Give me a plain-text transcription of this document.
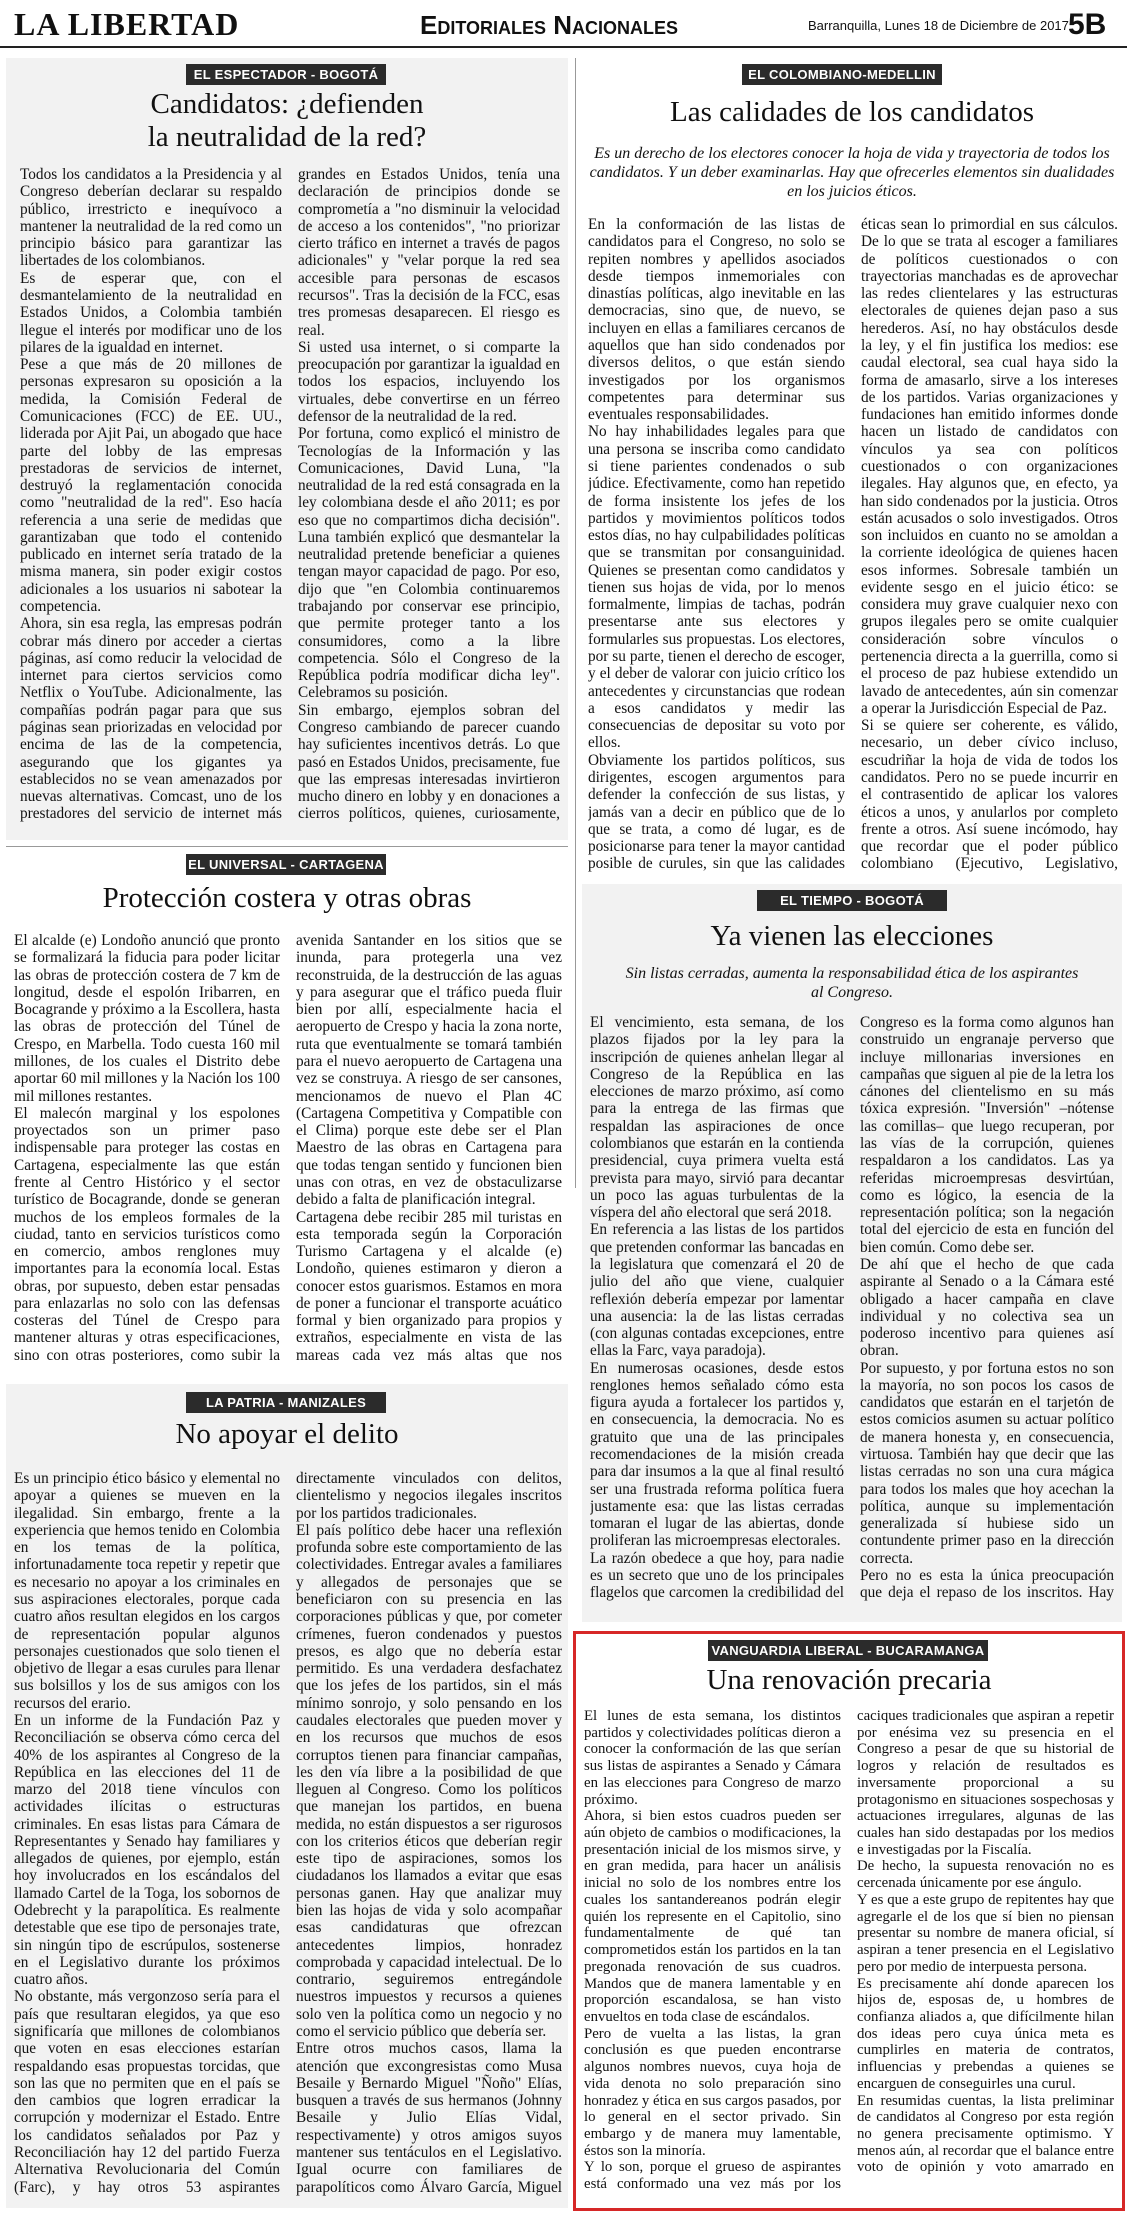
LA LIBERTAD	Editoriales Nacionales	Barranquilla, Lunes 18 de Diciembre de 2017 5B
EL ESPECTADOR - BOGOTÁ
Candidatos: ¿defienden
la neutralidad de la red?

Todos los candidatos a la Presidencia y al Congreso deberían declarar su respaldo público, irrestricto e inequívoco a mantener la neutralidad de la red como un principio básico para garantizar las libertades de los colombianos.

Es de esperar que, con el desmantelamiento de la neutralidad en Estados Unidos, a Colombia también llegue el interés por modificar uno de los pilares de la igualdad en internet.

Pese a que más de 20 millones de personas expresaron su oposición a la medida, la Comisión Federal de Comunicaciones (FCC) de EE. UU., liderada por Ajit Pai, un abogado que hace parte del lobby de las empresas prestadoras de servicios de internet, destruyó la reglamentación conocida como "neutralidad de la red". Eso hacía referencia a una serie de medidas que garantizaban que todo el contenido publicado en internet sería tratado de la misma manera, sin poder exigir costos adicionales a los usuarios ni sabotear la competencia.

Ahora, sin esa regla, las empresas podrán cobrar más dinero por acceder a ciertas páginas, así como reducir la velocidad de internet para ciertos servicios como Netflix o YouTube. Adicionalmente, las compañías podrán pagar para que sus páginas sean priorizadas en velocidad por encima de las de la competencia, asegurando que los gigantes ya establecidos no se vean amenazados por nuevas alternativas. Comcast, uno de los prestadores del servicio de internet más grandes en Estados Unidos, tenía una declaración de principios donde se comprometía a "no disminuir la velocidad de acceso a los contenidos", "no priorizar cierto tráfico en internet a través de pagos adicionales" y "velar porque la red sea accesible para personas de escasos recursos". Tras la decisión de la FCC, esas tres promesas desaparecen. El riesgo es real.

Si usted usa internet, o si comparte la preocupación por garantizar la igualdad en todos los espacios, incluyendo los virtuales, debe convertirse en un férreo defensor de la neutralidad de la red.

Por fortuna, como explicó el ministro de Tecnologías de la Información y las Comunicaciones, David Luna, "la neutralidad de la red está consagrada en la ley colombiana desde el año 2011; es por eso que no compartimos dicha decisión". Luna también explicó que desmantelar la neutralidad pretende beneficiar a quienes tengan mayor capacidad de pago. Por eso, dijo que "en Colombia continuaremos trabajando por conservar ese principio, que permite proteger tanto a los consumidores, como a la libre competencia. Sólo el Congreso de la República podría modificar dicha ley". Celebramos su posición.

Sin embargo, ejemplos sobran del Congreso cambiando de parecer cuando hay suficientes incentivos detrás. Lo que pasó en Estados Unidos, precisamente, fue que las empresas interesadas invirtieron mucho dinero en lobby y en donaciones a cierros políticos, quienes, curiosamente,

EL COLOMBIANO-MEDELLIN
Las calidades de los candidatos
Es un derecho de los electores conocer la hoja de vida y trayectoria de todos los candidatos. Y un deber examinarlas. Hay que ofrecerles elementos sin dualidades en los juicios éticos.

En la conformación de las listas de candidatos para el Congreso, no solo se repiten nombres y apellidos asociados desde tiempos inmemoriales con dinastías políticas, algo inevitable en las democracias, sino que, de nuevo, se incluyen en ellas a familiares cercanos de aquellos que han sido condenados por diversos delitos, o que están siendo investigados por los organismos competentes para determinar sus eventuales responsabilidades.

No hay inhabilidades legales para que una persona se inscriba como candidato si tiene parientes condenados o sub júdice. Efectivamente, como han repetido de forma insistente los jefes de los partidos y movimientos políticos todos estos días, no hay culpabilidades políticas que se transmitan por consanguinidad. Quienes se presentan como candidatos y tienen sus hojas de vida, por lo menos formalmente, limpias de tachas, podrán presentarse ante sus electores y formularles sus propuestas. Los electores, por su parte, tienen el derecho de escoger, y el deber de valorar con juicio crítico los antecedentes y circunstancias que rodean a esos candidatos y medir las consecuencias de depositar su voto por ellos.

Obviamente los partidos políticos, sus dirigentes, escogen argumentos para defender la confección de sus listas, y jamás van a decir en público que de lo que se trata, a como dé lugar, es de posicionarse para tener la mayor cantidad posible de curules, sin que las calidades éticas sean lo primordial en sus cálculos. De lo que se trata al escoger a familiares de políticos cuestionados o con trayectorias manchadas es de aprovechar las redes clientelares y las estructuras electorales de quienes dejan paso a sus herederos. Así, no hay obstáculos desde la ley, y el fin justifica los medios: ese caudal electoral, sea cual haya sido la forma de amasarlo, sirve a los intereses de los partidos. Varias organizaciones y fundaciones han emitido informes donde hacen un listado de candidatos con vínculos ya sea con políticos cuestionados o con organizaciones ilegales. Hay algunos que, en efecto, ya han sido condenados por la justicia. Otros están acusados o solo investigados. Otros son incluidos en cuanto no se amoldan a la corriente ideológica de quienes hacen esos informes. Sobresale también un evidente sesgo en el juicio ético: se considera muy grave cualquier nexo con grupos ilegales pero se omite cualquier consideración sobre vínculos o pertenencia directa a la guerrilla, como si el proceso de paz hubiese extendido un lavado de antecedentes, aún sin comenzar a operar la Jurisdicción Especial de Paz.

Si se quiere ser coherente, es válido, necesario, un deber cívico incluso, escudriñar la hoja de vida de todos los candidatos. Pero no se puede incurrir en el contrasentido de aplicar los valores éticos a unos, y anularlos por completo frente a otros. Así suene incómodo, hay que recordar que el poder público colombiano (Ejecutivo, Legislativo,

EL UNIVERSAL - CARTAGENA
Protección costera y otras obras

El alcalde (e) Londoño anunció que pronto se formalizará la fiducia para poder licitar las obras de protección costera de 7 km de longitud, desde el espolón Iribarren, en Bocagrande y próximo a la Escollera, hasta las obras de protección del Túnel de Crespo, en Marbella. Todo cuesta 160 mil millones, de los cuales el Distrito debe aportar 60 mil millones y la Nación los 100 mil millones restantes.

El malecón marginal y los espolones proyectados son un primer paso indispensable para proteger las costas en Cartagena, especialmente las que están frente al Centro Histórico y el sector turístico de Bocagrande, donde se generan muchos de los empleos formales de la ciudad, tanto en servicios turísticos como en comercio, ambos renglones muy importantes para la economía local. Estas obras, por supuesto, deben estar pensadas para enlazarlas no solo con las defensas costeras del Túnel de Crespo para mantener alturas y otras especificaciones, sino con otras posteriores, como subir la avenida Santander en los sitios que se inunda, para protegerla una vez reconstruida, de la destrucción de las aguas y para asegurar que el tráfico pueda fluir bien por allí, especialmente hacia el aeropuerto de Crespo y hacia la zona norte, ruta que eventualmente se tomará también para el nuevo aeropuerto de Cartagena una vez se construya. A riesgo de ser cansones, mencionamos de nuevo el Plan 4C (Cartagena Competitiva y Compatible con el Clima) porque este debe ser el Plan Maestro de las obras en Cartagena para que todas tengan sentido y funcionen bien unas con otras, en vez de obstaculizarse debido a falta de planificación integral.

Cartagena debe recibir 285 mil turistas en esta temporada según la Corporación Turismo Cartagena y el alcalde (e) Londoño, quienes estimaron y dieron a conocer estos guarismos. Estamos en mora de poner a funcionar el transporte acuático formal y bien organizado para propios y extraños, especialmente en vista de las mareas cada vez más altas que nos

EL TIEMPO - BOGOTÁ
Ya vienen las elecciones
Sin listas cerradas, aumenta la responsabilidad ética de los aspirantes al Congreso.

El vencimiento, esta semana, de los plazos fijados por la ley para la inscripción de quienes anhelan llegar al Congreso de la República en las elecciones de marzo próximo, así como para la entrega de las firmas que respaldan las aspiraciones de once colombianos que estarán en la contienda presidencial, cuya primera vuelta está prevista para mayo, sirvió para decantar un poco las aguas turbulentas de la víspera del año electoral que será 2018.

En referencia a las listas de los partidos que pretenden conformar las bancadas en la legislatura que comenzará el 20 de julio del año que viene, cualquier reflexión debería empezar por lamentar una ausencia: la de las listas cerradas (con algunas contadas excepciones, entre ellas la Farc, vaya paradoja).

En numerosas ocasiones, desde estos renglones hemos señalado cómo esta figura ayuda a fortalecer los partidos y, en consecuencia, la democracia. No es gratuito que una de las principales recomendaciones de la misión creada para dar insumos a la que al final resultó ser una frustrada reforma política fuera justamente esa: que las listas cerradas tomaran el lugar de las abiertas, donde proliferan las microempresas electorales.

La razón obedece a que hoy, para nadie es un secreto que uno de los principales flagelos que carcomen la credibilidad del Congreso es la forma como algunos han construido un engranaje perverso que incluye millonarias inversiones en campañas que siguen al pie de la letra los cánones del clientelismo en su más tóxica expresión. "Inversión" –nótense las comillas– que luego recuperan, por las vías de la corrupción, quienes respaldaron a los candidatos. Las ya referidas microempresas desvirtúan, como es lógico, la esencia de la representación política; son la negación total del ejercicio de esta en función del bien común. Como debe ser.

De ahí que el hecho de que cada aspirante al Senado o a la Cámara esté obligado a hacer campaña en clave individual y no colectiva sea un poderoso incentivo para quienes así obran.

Por supuesto, y por fortuna estos no son la mayoría, no son pocos los casos de candidatos que estarán en el tarjetón de estos comicios asumen su actuar político de manera honesta y, en consecuencia, virtuosa. También hay que decir que las listas cerradas no son una cura mágica para todos los males que hoy acechan la política, aunque su implementación generalizada sí hubiese sido un contundente primer paso en la dirección correcta.

Pero no es esta la única preocupación que deja el repaso de los inscritos. Hay

LA PATRIA - MANIZALES
No apoyar el delito

Es un principio ético básico y elemental no apoyar a quienes se mueven en la ilegalidad. Sin embargo, frente a la experiencia que hemos tenido en Colombia en los temas de la política, infortunadamente toca repetir y repetir que es necesario no apoyar a los criminales en sus aspiraciones electorales, porque cada cuatro años resultan elegidos en los cargos de representación popular algunos personajes cuestionados que solo tienen el objetivo de llegar a esas curules para llenar sus bolsillos y los de sus amigos con los recursos del erario.

En un informe de la Fundación Paz y Reconciliación se observa cómo cerca del 40% de los aspirantes al Congreso de la República en las elecciones del 11 de marzo del 2018 tiene vínculos con actividades ilícitas o estructuras criminales. En esas listas para Cámara de Representantes y Senado hay familiares y allegados de quienes, por ejemplo, están hoy involucrados en los escándalos del llamado Cartel de la Toga, los sobornos de Odebrecht y la parapolítica. Es realmente detestable que ese tipo de personajes trate, sin ningún tipo de escrúpulos, sostenerse en el Legislativo durante los próximos cuatro años.

No obstante, más vergonzoso sería para el país que resultaran elegidos, ya que eso significaría que millones de colombianos que voten en esas elecciones estarían respaldando esas propuestas torcidas, que son las que no permiten que en el país se den cambios que logren erradicar la corrupción y modernizar el Estado. Entre los candidatos señalados por Paz y Reconciliación hay 12 del partido Fuerza Alternativa Revolucionaria del Común (Farc), y hay otros 53 aspirantes directamente vinculados con delitos, clientelismo y negocios ilegales inscritos por los partidos tradicionales.

El país político debe hacer una reflexión profunda sobre este comportamiento de las colectividades. Entregar avales a familiares y allegados de personajes que se beneficiaron con su presencia en las corporaciones públicas y que, por cometer crímenes, fueron condenados y puestos presos, es algo que no debería estar permitido. Es una verdadera desfachatez que los jefes de los partidos, sin el más mínimo sonrojo, y solo pensando en los caudales electorales que pueden mover y en los recursos que muchos de esos corruptos tienen para financiar campañas, les den vía libre a la posibilidad de que lleguen al Congreso. Como los políticos que manejan los partidos, en buena medida, no están dispuestos a ser rigurosos con los criterios éticos que deberían regir este tipo de aspiraciones, somos los ciudadanos los llamados a evitar que esas personas ganen. Hay que analizar muy bien las hojas de vida y solo acompañar esas candidaturas que ofrezcan antecedentes limpios, honradez comprobada y capacidad intelectual. De lo contrario, seguiremos entregándole nuestros impuestos y recursos a quienes solo ven la política como un negocio y no como el servicio público que debería ser.

Entre otros muchos casos, llama la atención que excongresistas como Musa Besaile y Bernardo Miguel "Ñoño" Elías, busquen a través de sus hermanos (Johnny Besaile y Julio Elías Vidal, respectivamente) y otros amigos suyos mantener sus tentáculos en el Legislativo. Igual ocurre con familiares de parapolíticos como Álvaro García, Miguel

VANGUARDIA LIBERAL - BUCARAMANGA
Una renovación precaria

El lunes de esta semana, los distintos partidos y colectividades políticas dieron a conocer la conformación de las que serían sus listas de aspirantes a Senado y Cámara en las elecciones para Congreso de marzo próximo.

Ahora, si bien estos cuadros pueden ser aún objeto de cambios o modificaciones, la presentación inicial de los mismos sirve, y en gran medida, para hacer un análisis inicial no solo de los nombres entre los cuales los santandereanos podrán elegir quién los represente en el Capitolio, sino fundamentalmente de qué tan comprometidos están los partidos en la tan pregonada renovación de sus cuadros. Mandos que de manera lamentable y en proporción escandalosa, se han visto envueltos en toda clase de escándalos.

Pero de vuelta a las listas, la gran conclusión es que pueden encontrarse algunos nombres nuevos, cuya hoja de vida denota no solo preparación sino honradez y ética en sus cargos pasados, por lo general en el sector privado. Sin embargo y de manera muy lamentable, éstos son la minoría.

Y lo son, porque el grueso de aspirantes está conformado una vez más por los caciques tradicionales que aspiran a repetir por enésima vez su presencia en el Congreso a pesar de que su historial de logros y relación de resultados es inversamente proporcional a su protagonismo en situaciones sospechosas y actuaciones irregulares, algunas de las cuales han sido destapadas por los medios e investigadas por la Fiscalía.

De hecho, la supuesta renovación no es cercenada únicamente por ese ángulo.

Y es que a este grupo de repitentes hay que agregarle el de los que sí bien no piensan presentar su nombre de manera oficial, sí aspiran a tener presencia en el Legislativo pero por medio de interpuesta persona.

Es precisamente ahí donde aparecen los hijos de, esposas de, u hombres de confianza aliados a, que difícilmente hilan dos ideas pero cuya única meta es cumplirles en materia de contratos, influencias y prebendas a quienes se encarguen de conseguirles una curul.

En resumidas cuentas, la lista preliminar de candidatos al Congreso por esta región no genera precisamente optimismo. Y menos aún, al recordar que el balance entre voto de opinión y voto amarrado en
